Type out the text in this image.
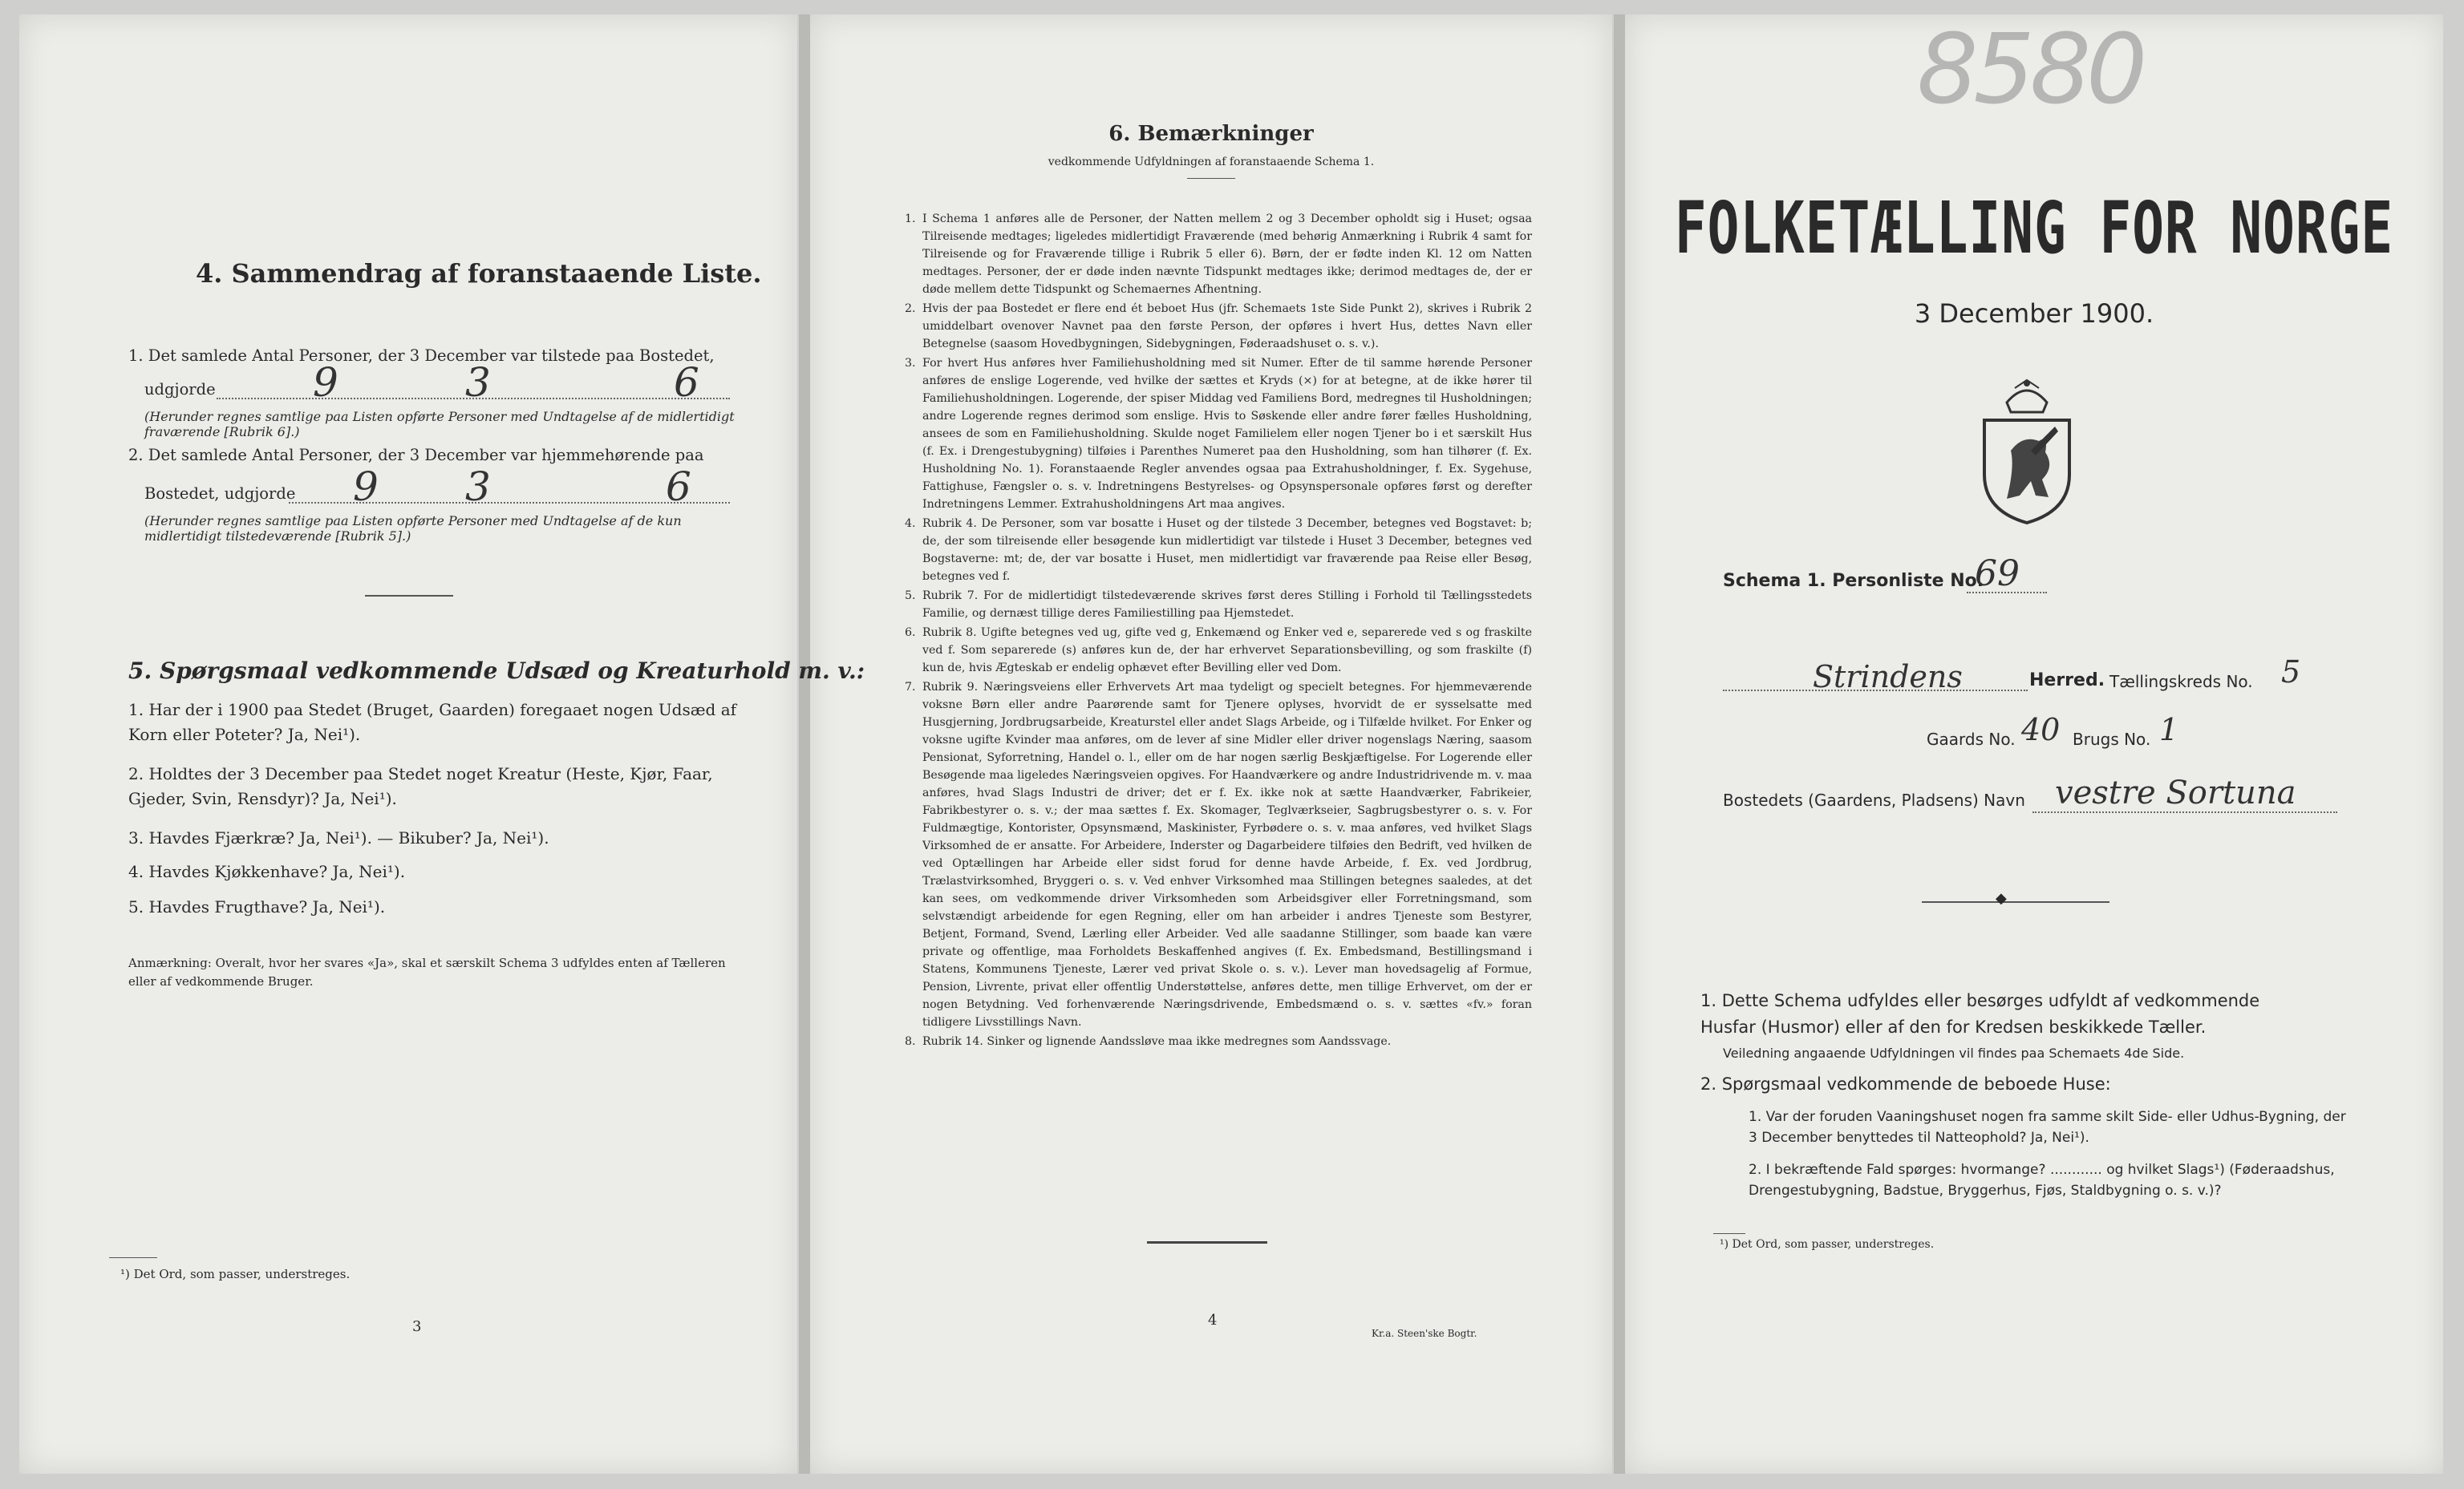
4. Sammendrag af foranstaaende Liste.
1. Det samlede Antal Personer, der 3 December var tilstede paa Bostedet,
udgjorde 9	3	6
(Herunder regnes samtlige paa Listen opførte Personer med Undtagelse af de midlertidigt fraværende [Rubrik 6].)
2. Det samlede Antal Personer, der 3 December var hjemmehørende paa
Bostedet, udgjorde 9 3	6
(Herunder regnes samtlige paa Listen opførte Personer med Undtagelse af de kun midlertidigt tilstedeværende [Rubrik 5].)
5. Spørgsmaal vedkommende Udsæd og Kreaturhold m. v.:
1. Har der i 1900 paa Stedet (Bruget, Gaarden) foregaaet nogen Udsæd af Korn eller Poteter? Ja, Nei¹).
2. Holdtes der 3 December paa Stedet noget Kreatur (Heste, Kjør, Faar, Gjeder, Svin, Rensdyr)? Ja, Nei¹).
3. Havdes Fjærkræ? Ja, Nei¹). — Bikuber? Ja, Nei¹).
4. Havdes Kjøkkenhave? Ja, Nei¹).
5. Havdes Frugthave? Ja, Nei¹).
Anmærkning: Overalt, hvor her svares «Ja», skal et særskilt Schema 3 udfyldes enten af Tælleren eller af vedkommende Bruger.
¹) Det Ord, som passer, understreges.
3
6. Bemærkninger
vedkommende Udfyldningen af foranstaaende Schema 1.
1. I Schema 1 anføres alle de Personer, der Natten mellem 2 og 3 December opholdt sig i Huset; ogsaa Tilreisende medtages; ligeledes midlertidigt Fraværende (med behørig Anmærkning i Rubrik 4 samt for Tilreisende og for Fraværende tillige i Rubrik 5 eller 6). Børn, der er fødte inden Kl. 12 om Natten medtages. Personer, der er døde inden nævnte Tidspunkt medtages ikke; derimod medtages de, der er døde mellem dette Tidspunkt og Schemaernes Afhentning.
2. Hvis der paa Bostedet er flere end ét beboet Hus (jfr. Schemaets 1ste Side Punkt 2), skrives i Rubrik 2 umiddelbart ovenover Navnet paa den første Person, der opføres i hvert Hus, dettes Navn eller Betegnelse (saasom Hovedbygningen, Sidebygningen, Føderaadshuset o. s. v.).
3. For hvert Hus anføres hver Familiehusholdning med sit Numer. Efter de til samme hørende Personer anføres de enslige Logerende, ved hvilke der sættes et Kryds (×) for at betegne, at de ikke hører til Familiehusholdningen. Logerende, der spiser Middag ved Familiens Bord, medregnes til Husholdningen; andre Logerende regnes derimod som enslige. Hvis to Søskende eller andre fører fælles Husholdning, ansees de som en Familiehusholdning. Skulde noget Familielem eller nogen Tjener bo i et særskilt Hus (f. Ex. i Drengestubygning) tilføies i Parenthes Numeret paa den Husholdning, som han tilhører (f. Ex. Husholdning No. 1). Foranstaaende Regler anvendes ogsaa paa Extrahusholdninger, f. Ex. Sygehuse, Fattighuse, Fængsler o. s. v. Indretningens Bestyrelses- og Opsynspersonale opføres først og derefter Indretningens Lemmer. Extrahusholdningens Art maa angives.
4. Rubrik 4. De Personer, som var bosatte i Huset og der tilstede 3 December, betegnes ved Bogstavet: b; de, der som tilreisende eller besøgende kun midlertidigt var tilstede i Huset 3 December, betegnes ved Bogstaverne: mt; de, der var bosatte i Huset, men midlertidigt var fraværende paa Reise eller Besøg, betegnes ved f.
5. Rubrik 7. For de midlertidigt tilstedeværende skrives først deres Stilling i Forhold til Tællingsstedets Familie, og dernæst tillige deres Familiestilling paa Hjemstedet.
6. Rubrik 8. Ugifte betegnes ved ug, gifte ved g, Enkemænd og Enker ved e, separerede ved s og fraskilte ved f. Som separerede (s) anføres kun de, der har erhvervet Separationsbevilling, og som fraskilte (f) kun de, hvis Ægteskab er endelig ophævet efter Bevilling eller ved Dom.
7. Rubrik 9. Næringsveiens eller Erhvervets Art maa tydeligt og specielt betegnes. For hjemmeværende voksne Børn eller andre Paarørende samt for Tjenere oplyses, hvorvidt de er sysselsatte med Husgjerning, Jordbrugsarbeide, Kreaturstel eller andet Slags Arbeide, og i Tilfælde hvilket. For Enker og voksne ugifte Kvinder maa anføres, om de lever af sine Midler eller driver nogenslags Næring, saasom Pensionat, Syforretning, Handel o. l., eller om de har nogen særlig Beskjæftigelse. For Logerende eller Besøgende maa ligeledes Næringsveien opgives. For Haandværkere og andre Industridrivende m. v. maa anføres, hvad Slags Industri de driver; det er f. Ex. ikke nok at sætte Haandværker, Fabrikeier, Fabrikbestyrer o. s. v.; der maa sættes f. Ex. Skomager, Teglværkseier, Sagbrugsbestyrer o. s. v. For Fuldmægtige, Kontorister, Opsynsmænd, Maskinister, Fyrbødere o. s. v. maa anføres, ved hvilket Slags Virksomhed de er ansatte. For Arbeidere, Inderster og Dagarbeidere tilføies den Bedrift, ved hvilken de ved Optællingen har Arbeide eller sidst forud for denne havde Arbeide, f. Ex. ved Jordbrug, Trælastvirksomhed, Bryggeri o. s. v. Ved enhver Virksomhed maa Stillingen betegnes saaledes, at det kan sees, om vedkommende driver Virksomheden som Arbeidsgiver eller Forretningsmand, som selvstændigt arbeidende for egen Regning, eller om han arbeider i andres Tjeneste som Bestyrer, Betjent, Formand, Svend, Lærling eller Arbeider. Ved alle saadanne Stillinger, som baade kan være private og offentlige, maa Forholdets Beskaffenhed angives (f. Ex. Embedsmand, Bestillingsmand i Statens, Kommunens Tjeneste, Lærer ved privat Skole o. s. v.). Lever man hovedsagelig af Formue, Pension, Livrente, privat eller offentlig Understøttelse, anføres dette, men tillige Erhvervet, om der er nogen Betydning. Ved forhenværende Næringsdrivende, Embedsmænd o. s. v. sættes «fv.» foran tidligere Livsstillings Navn.
8. Rubrik 14. Sinker og lignende Aandssløve maa ikke medregnes som Aandssvage.
4
Kr.a. Steen'ske Bogtr.
8580
FOLKETÆLLING FOR NORGE
3 December 1900.
Schema 1. Personliste No.
69
Strindens	Herred. Tællingskreds No. 5
Gaards No. 40 Brugs No. 1
Bostedets (Gaardens, Pladsens) Navn vestre Sortuna
◆
1. Dette Schema udfyldes eller besørges udfyldt af vedkommende Husfar (Husmor) eller af den for Kredsen beskikkede Tæller.
Veiledning angaaende Udfyldningen vil findes paa Schemaets 4de Side.
2. Spørgsmaal vedkommende de beboede Huse:
1. Var der foruden Vaaningshuset nogen fra samme skilt Side- eller Udhus-Bygning, der 3 December benyttedes til Natteophold? Ja, Nei¹).
2. I bekræftende Fald spørges: hvormange? ............ og hvilket Slags¹) (Føderaadshus, Drengestubygning, Badstue, Bryggerhus, Fjøs, Staldbygning o. s. v.)?
¹) Det Ord, som passer, understreges.
